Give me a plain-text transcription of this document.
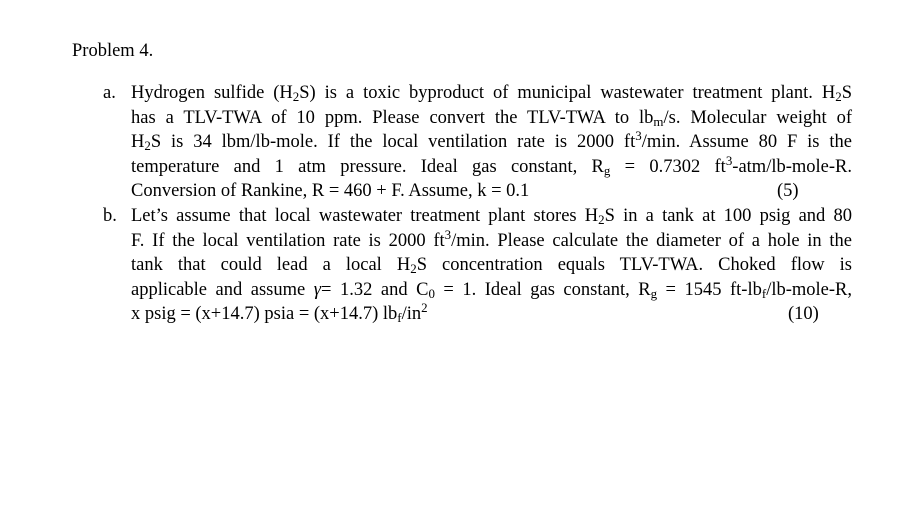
Problem 4.
a. Hydrogen sulfide $(H_2S)$ is a toxic byproduct of municipal wastewater treatment plant. $H_2S$
has a TLV-TWA of 10 ppm. Please convert the TLV-TWA to $lb_m/s$. Molecular weight of
$H_2S$ is 34 lbm/lb-mole. If the local ventilation rate is 2000 $ft^3/\min$. Assume 80 F is the
temperature and 1 atm pressure. Ideal gas constant, $R_g = 0.7302$ $ft^3-atm/lb-mole-R$.
Conversion of Rankine, R = 460 + F. Assume, k = 0.1	(5)
b. Let’s assume that local wastewater treatment plant stores $H_2S$ in a tank at 100 psig and 80
F. If the local ventilation rate is 2000 $ft^3/\min$. Please calculate the diameter of a hole in the
tank that could lead a local $H_2S$ concentration equals TLV-TWA. Choked flow is
applicable and assume γ= 1.32 and $C_0 = 1$. Ideal gas constant, $R_g = 1545$ $ft-lb_f/lb-mole-R$,
x psig = (x+14.7) psia = (x+14.7) $lb_f/in^2$	(10)
